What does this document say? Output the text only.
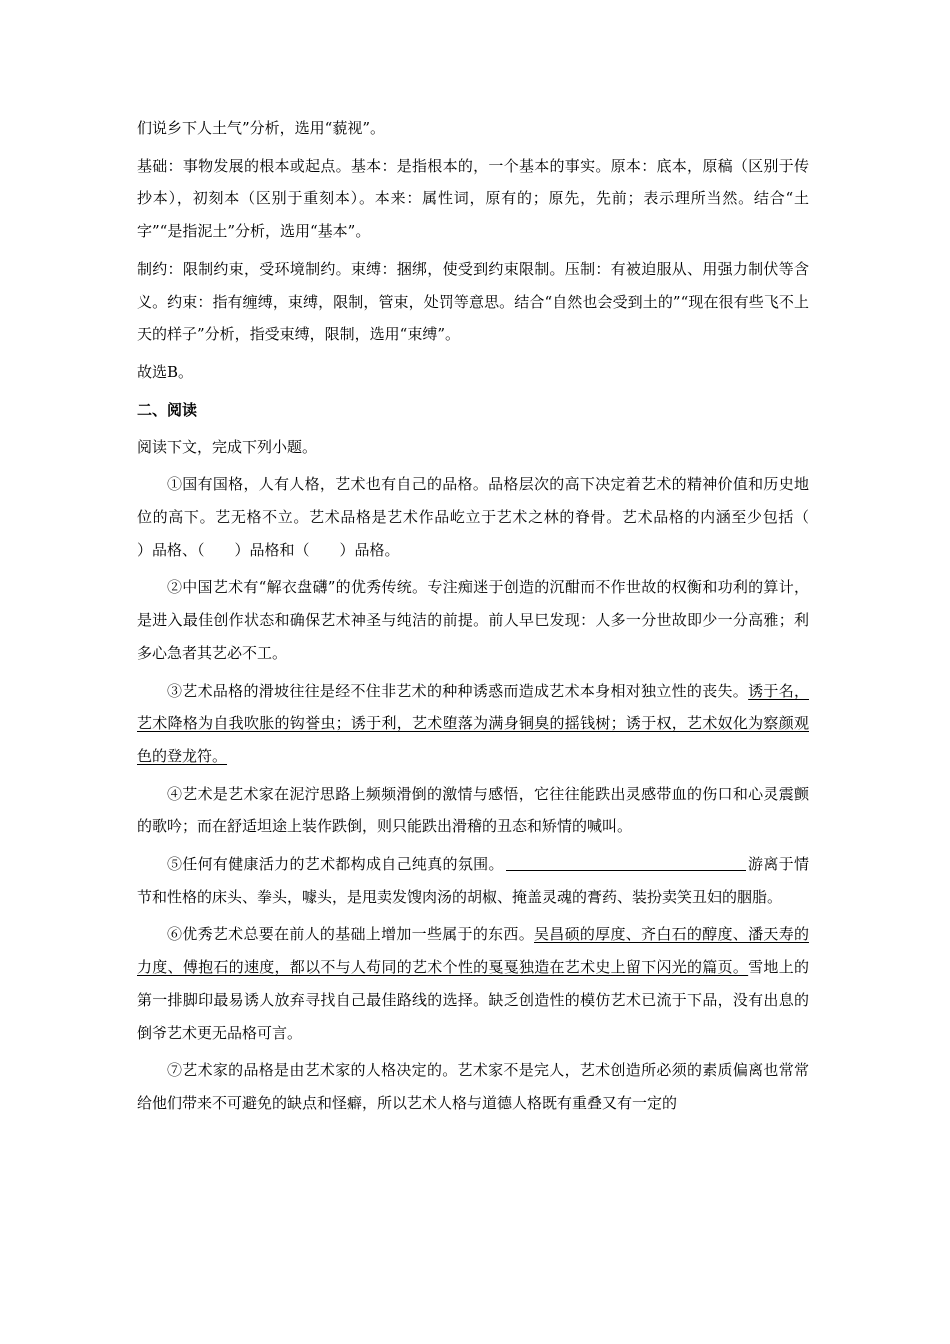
们说乡下人土气”分析，选用“藐视”。

基础：事物发展的根本或起点。基本：是指根本的，一个基本的事实。原本：底本，原稿（区别于传抄本），初刻本（区别于重刻本）。本来：属性词，原有的；原先，先前；表示理所当然。结合“土字”“是指泥土”分析，选用“基本”。

制约：限制约束，受环境制约。束缚：捆绑，使受到约束限制。压制：有被迫服从、用强力制伏等含义。约束：指有缠缚，束缚，限制，管束，处罚等意思。结合“自然也会受到土的”“现在很有些飞不上天的样子”分析，指受束缚，限制，选用“束缚”。

故选B。

二、阅读

阅读下文，完成下列小题。

①国有国格，人有人格，艺术也有自己的品格。品格层次的高下决定着艺术的精神价值和历史地位的高下。艺无格不立。艺术品格是艺术作品屹立于艺术之林的脊骨。艺术品格的内涵至少包括（　　）品格、（　　）品格和（　　）品格。

②中国艺术有“解衣盘礴”的优秀传统。专注痴迷于创造的沉酣而不作世故的权衡和功利的算计，是进入最佳创作状态和确保艺术神圣与纯洁的前提。前人早巳发现：人多一分世故即少一分高雅；利多心急者其艺必不工。

③艺术品格的滑坡往往是经不住非艺术的种种诱惑而造成艺术本身相对独立性的丧失。诱于名，艺术降格为自我吹胀的钩誉虫；诱于利，艺术堕落为满身铜臭的摇钱树；诱于权，艺术奴化为察颜观色的登龙符。

④艺术是艺术家在泥泞思路上频频滑倒的激情与感悟，它往往能跌出灵感带血的伤口和心灵震颤的歌吟；而在舒适坦途上装作跌倒，则只能跌出滑稽的丑态和矫情的喊叫。

⑤任何有健康活力的艺术都构成自己纯真的氛围。	游离于情节和性格的床头、拳头，噱头，是甩卖发馊肉汤的胡椒、掩盖灵魂的膏药、装扮卖笑丑妇的胭脂。

⑥优秀艺术总要在前人的基础上增加一些属于的东西。吴昌硕的厚度、齐白石的醇度、潘天寿的力度、傅抱石的速度，都以不与人苟同的艺术个性的戛戛独造在艺术史上留下闪光的篇页。雪地上的第一排脚印最易诱人放弃寻找自己最佳路线的选择。缺乏创造性的模仿艺术已流于下品，没有出息的倒爷艺术更无品格可言。

⑦艺术家的品格是由艺术家的人格决定的。艺术家不是完人，艺术创造所必须的素质偏离也常常给他们带来不可避免的缺点和怪癖，所以艺术人格与道德人格既有重叠又有一定的
